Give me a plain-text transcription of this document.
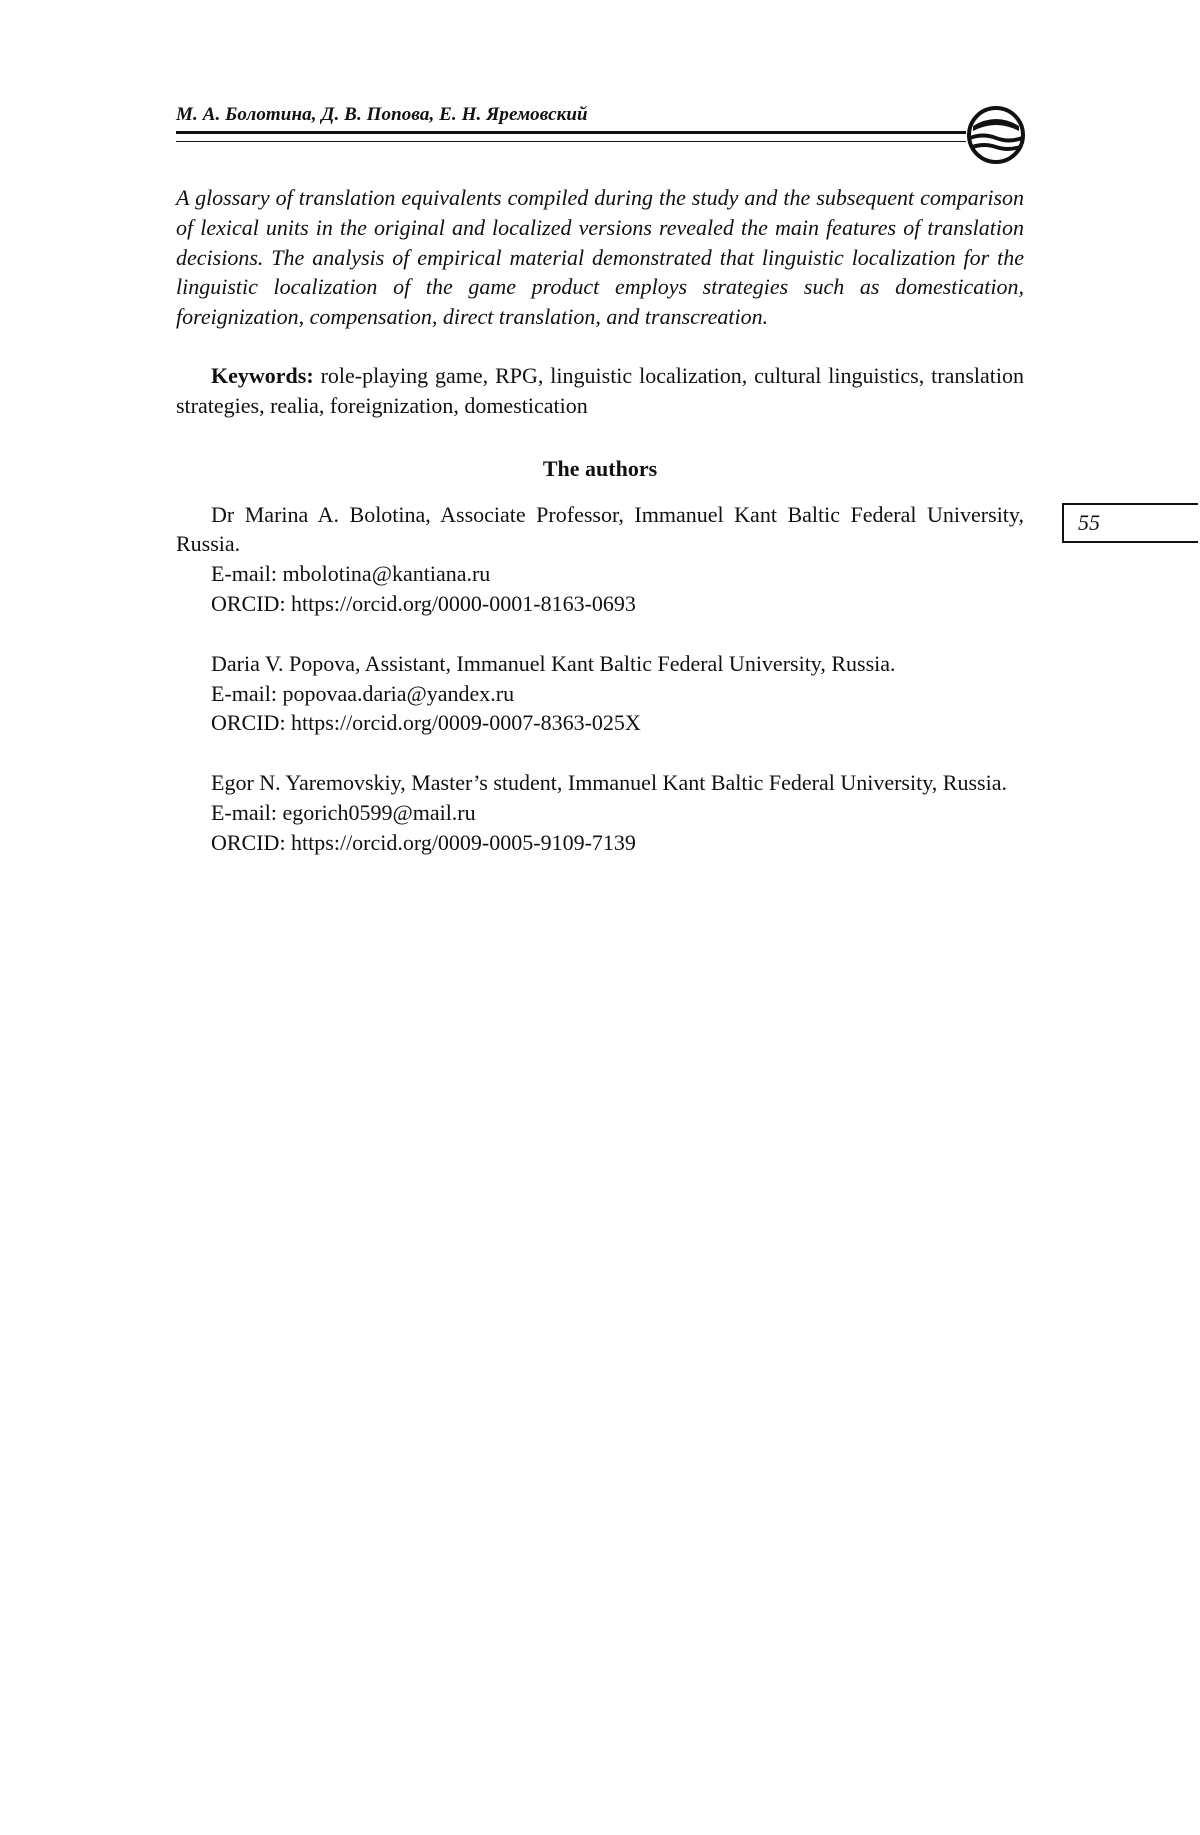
М. А. Болотина, Д. В. Попова, Е. Н. Яремовский

A glossary of translation equivalents compiled during the study and the subsequent comparison of lexical units in the original and localized versions revealed the main features of translation decisions. The analysis of empirical material demonstrated that linguistic localization for the linguistic localization of the game product employs strategies such as domestication, foreignization, compensation, direct translation, and transcreation.

Keywords: role-playing game, RPG, linguistic localization, cultural linguistics, translation strategies, realia, foreignization, domestication

The authors

Dr Marina A. Bolotina, Associate Professor, Immanuel Kant Baltic Federal University, Russia.

E-mail: mbolotina@kantiana.ru

ORCID: https://orcid.org/0000-0001-8163-0693

Daria V. Popova, Assistant, Immanuel Kant Baltic Federal University, Russia.

E-mail: popovaa.daria@yandex.ru

ORCID: https://orcid.org/0009-0007-8363-025X

Egor N. Yaremovskiy, Master’s student, Immanuel Kant Baltic Federal University, Russia.

E-mail: egorich0599@mail.ru

ORCID: https://orcid.org/0009-0005-9109-7139

55
